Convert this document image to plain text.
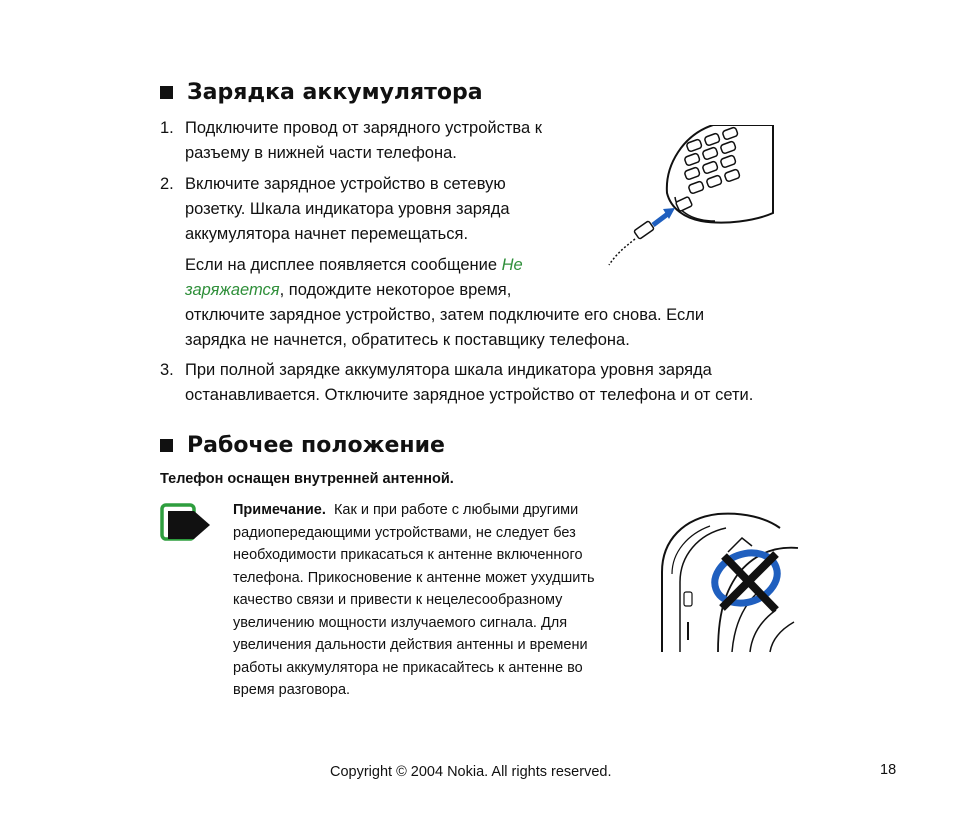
Зарядка аккумулятора
1. Подключите провод от зарядного устройства к
разъему в нижней части телефона.
2. Включите зарядное устройство в сетевую
розетку. Шкала индикатора уровня заряда
аккумулятора начнет перемещаться.
Если на дисплее появляется сообщение Не
заряжается, подождите некоторое время,
отключите зарядное устройство, затем подключите его снова. Если
зарядка не начнется, обратитесь к поставщику телефона.
3. При полной зарядке аккумулятора шкала индикатора уровня заряда
останавливается. Отключите зарядное устройство от телефона и от сети.
Рабочее положение
Телефон оснащен внутренней антенной.
Примечание. Как и при работе с любыми другими
радиопередающими устройствами, не следует без
необходимости прикасаться к антенне включенного
телефона. Прикосновение к антенне может ухудшить
качество связи и привести к нецелесообразному
увеличению мощности излучаемого сигнала. Для
увеличения дальности действия антенны и времени
работы аккумулятора не прикасайтесь к антенне во
время разговора.
Copyright © 2004 Nokia. All rights reserved.	18
